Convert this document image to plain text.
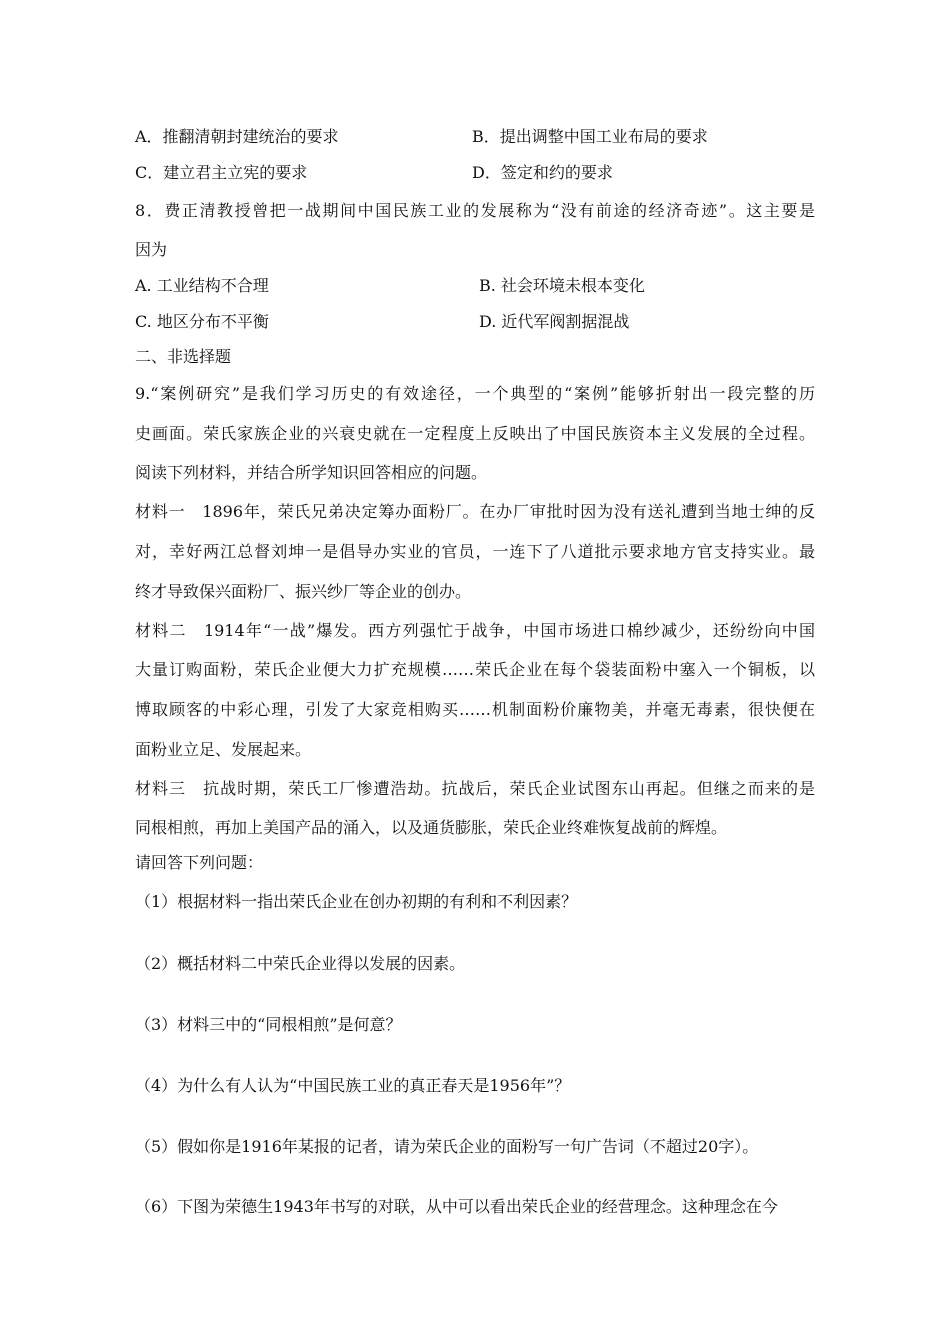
A．推翻清朝封建统治的要求	B．提出调整中国工业布局的要求
C．建立君主立宪的要求	D．签定和约的要求
8．费正清教授曾把一战期间中国民族工业的发展称为“没有前途的经济奇迹”。这主要是
因为
A. 工业结构不合理	B. 社会环境未根本变化
C. 地区分布不平衡	D. 近代军阀割据混战
二、非选择题
9.“案例研究”是我们学习历史的有效途径，一个典型的“案例”能够折射出一段完整的历
史画面。荣氏家族企业的兴衰史就在一定程度上反映出了中国民族资本主义发展的全过程。
阅读下列材料，并结合所学知识回答相应的问题。
材料一　1896年，荣氏兄弟决定筹办面粉厂。在办厂审批时因为没有送礼遭到当地士绅的反
对，幸好两江总督刘坤一是倡导办实业的官员，一连下了八道批示要求地方官支持实业。最
终才导致保兴面粉厂、振兴纱厂等企业的创办。
材料二　1914年“一战”爆发。西方列强忙于战争，中国市场进口棉纱减少，还纷纷向中国
大量订购面粉，荣氏企业便大力扩充规模……荣氏企业在每个袋装面粉中塞入一个铜板，以
博取顾客的中彩心理，引发了大家竞相购买……机制面粉价廉物美，并毫无毒素，很快便在
面粉业立足、发展起来。
材料三　抗战时期，荣氏工厂惨遭浩劫。抗战后，荣氏企业试图东山再起。但继之而来的是
同根相煎，再加上美国产品的涌入，以及通货膨胀，荣氏企业终难恢复战前的辉煌。
请回答下列问题：
（1）根据材料一指出荣氏企业在创办初期的有利和不利因素？
（2）概括材料二中荣氏企业得以发展的因素。
（3）材料三中的“同根相煎”是何意？
（4）为什么有人认为“中国民族工业的真正春天是1956年”？
（5）假如你是1916年某报的记者，请为荣氏企业的面粉写一句广告词（不超过20字）。
（6）下图为荣德生1943年书写的对联，从中可以看出荣氏企业的经营理念。这种理念在今
